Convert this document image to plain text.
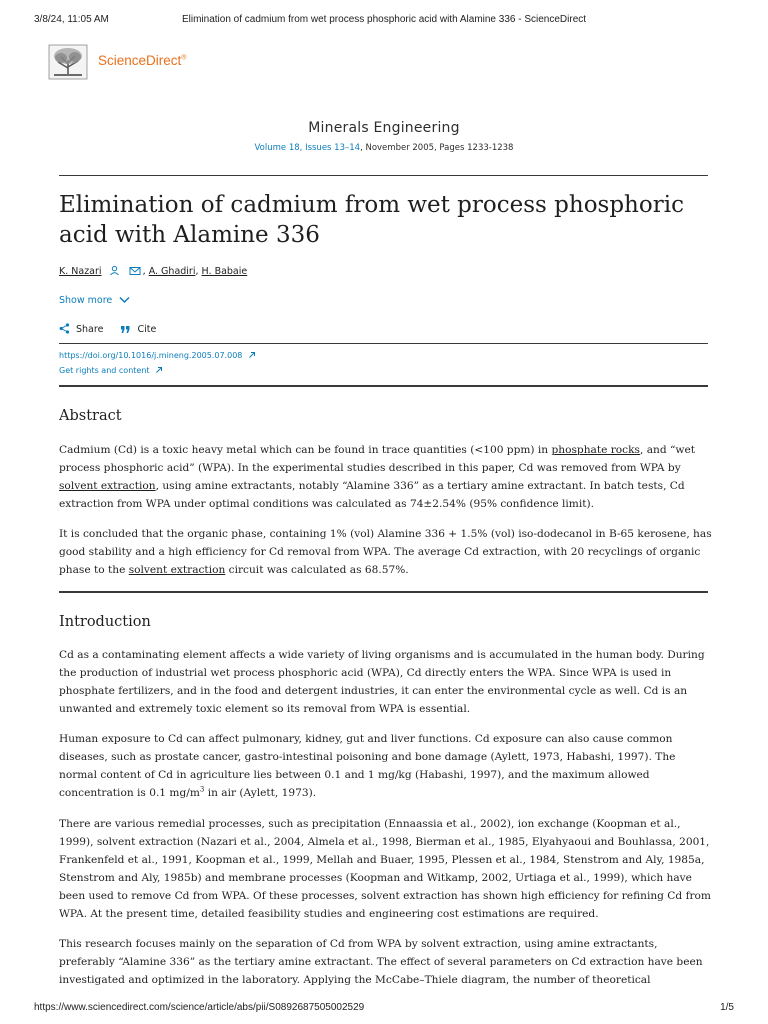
3/8/24, 11:05 AM	Elimination of cadmium from wet process phosphoric acid with Alamine 336 - ScienceDirect
ScienceDirect®
Minerals Engineering
Volume 18, Issues 13–14, November 2005, Pages 1233-1238
Elimination of cadmium from wet process phosphoric acid with Alamine 336
K. Nazari	, A. Ghadiri, H. Babaie
Show more
Share	Cite
https://doi.org/10.1016/j.mineng.2005.07.008
Get rights and content
Abstract

Cadmium (Cd) is a toxic heavy metal which can be found in trace quantities (<100 ppm) in phosphate rocks, and “wet process phosphoric acid” (WPA). In the experimental studies described in this paper, Cd was removed from WPA by solvent extraction, using amine extractants, notably “Alamine 336” as a tertiary amine extractant. In batch tests, Cd extraction from WPA under optimal conditions was calculated as 74±2.54% (95% confidence limit).

It is concluded that the organic phase, containing 1% (vol) Alamine 336 + 1.5% (vol) iso-dodecanol in B-65 kerosene, has good stability and a high efficiency for Cd removal from WPA. The average Cd extraction, with 20 recyclings of organic phase to the solvent extraction circuit was calculated as 68.57%.

Introduction

Cd as a contaminating element affects a wide variety of living organisms and is accumulated in the human body. During the production of industrial wet process phosphoric acid (WPA), Cd directly enters the WPA. Since WPA is used in phosphate fertilizers, and in the food and detergent industries, it can enter the environmental cycle as well. Cd is an unwanted and extremely toxic element so its removal from WPA is essential.

Human exposure to Cd can affect pulmonary, kidney, gut and liver functions. Cd exposure can also cause common diseases, such as prostate cancer, gastro-intestinal poisoning and bone damage (Aylett, 1973, Habashi, 1997). The normal content of Cd in agriculture lies between 0.1 and 1 mg/kg (Habashi, 1997), and the maximum allowed concentration is 0.1 $mg/m^3$ in air (Aylett, 1973).

There are various remedial processes, such as precipitation (Ennaassia et al., 2002), ion exchange (Koopman et al., 1999), solvent extraction (Nazari et al., 2004, Almela et al., 1998, Bierman et al., 1985, Elyahyaoui and Bouhlassa, 2001, Frankenfeld et al., 1991, Koopman et al., 1999, Mellah and Buaer, 1995, Plessen et al., 1984, Stenstrom and Aly, 1985a, Stenstrom and Aly, 1985b) and membrane processes (Koopman and Witkamp, 2002, Urtiaga et al., 1999), which have been used to remove Cd from WPA. Of these processes, solvent extraction has shown high efficiency for refining Cd from WPA. At the present time, detailed feasibility studies and engineering cost estimations are required.

This research focuses mainly on the separation of Cd from WPA by solvent extraction, using amine extractants, preferably “Alamine 336” as the tertiary amine extractant. The effect of several parameters on Cd extraction have been investigated and optimized in the laboratory. Applying the McCabe–Thiele diagram, the number of theoretical

https://www.sciencedirect.com/science/article/abs/pii/S0892687505002529	1/5
